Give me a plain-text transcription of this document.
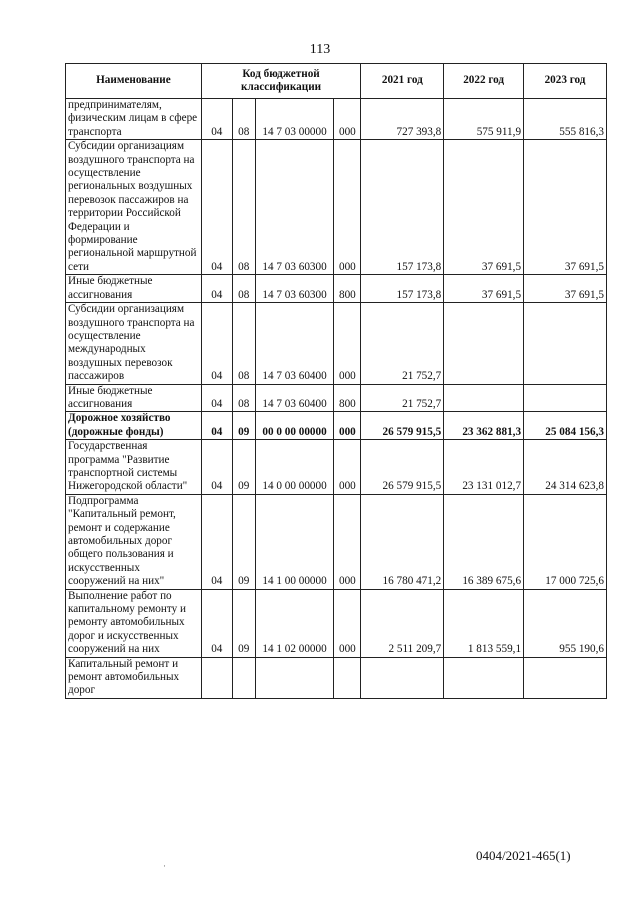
113
Наименование	Код бюджетной классификации				2021 год	2022 год	2023 год
предпринимателям, физическим лицам в сфере транспорта	04	08	14 7 03 00000	000	727 393,8	575 911,9	555 816,3
Субсидии организациям воздушного транспорта на осуществление региональных воздушных перевозок пассажиров на территории Российской Федерации и формирование региональной маршрутной сети	04	08	14 7 03 60300	000	157 173,8	37 691,5	37 691,5
Иные бюджетные ассигнования	04	08	14 7 03 60300	800	157 173,8	37 691,5	37 691,5
Субсидии организациям воздушного транспорта на осуществление международных воздушных перевозок пассажиров	04	08	14 7 03 60400	000	21 752,7		
Иные бюджетные ассигнования	04	08	14 7 03 60400	800	21 752,7		
Дорожное хозяйство (дорожные фонды)	04	09	00 0 00 00000	000	26 579 915,5	23 362 881,3	25 084 156,3
Государственная программа "Развитие транспортной системы Нижегородской области"	04	09	14 0 00 00000	000	26 579 915,5	23 131 012,7	24 314 623,8
Подпрограмма "Капитальный ремонт, ремонт и содержание автомобильных дорог общего пользования и искусственных сооружений на них"	04	09	14 1 00 00000	000	16 780 471,2	16 389 675,6	17 000 725,6
Выполнение работ по капитальному ремонту и ремонту автомобильных дорог и искусственных сооружений на них	04	09	14 1 02 00000	000	2 511 209,7	1 813 559,1	955 190,6
Капитальный ремонт и ремонт автомобильных дорог							
·
0404/2021-465(1)
